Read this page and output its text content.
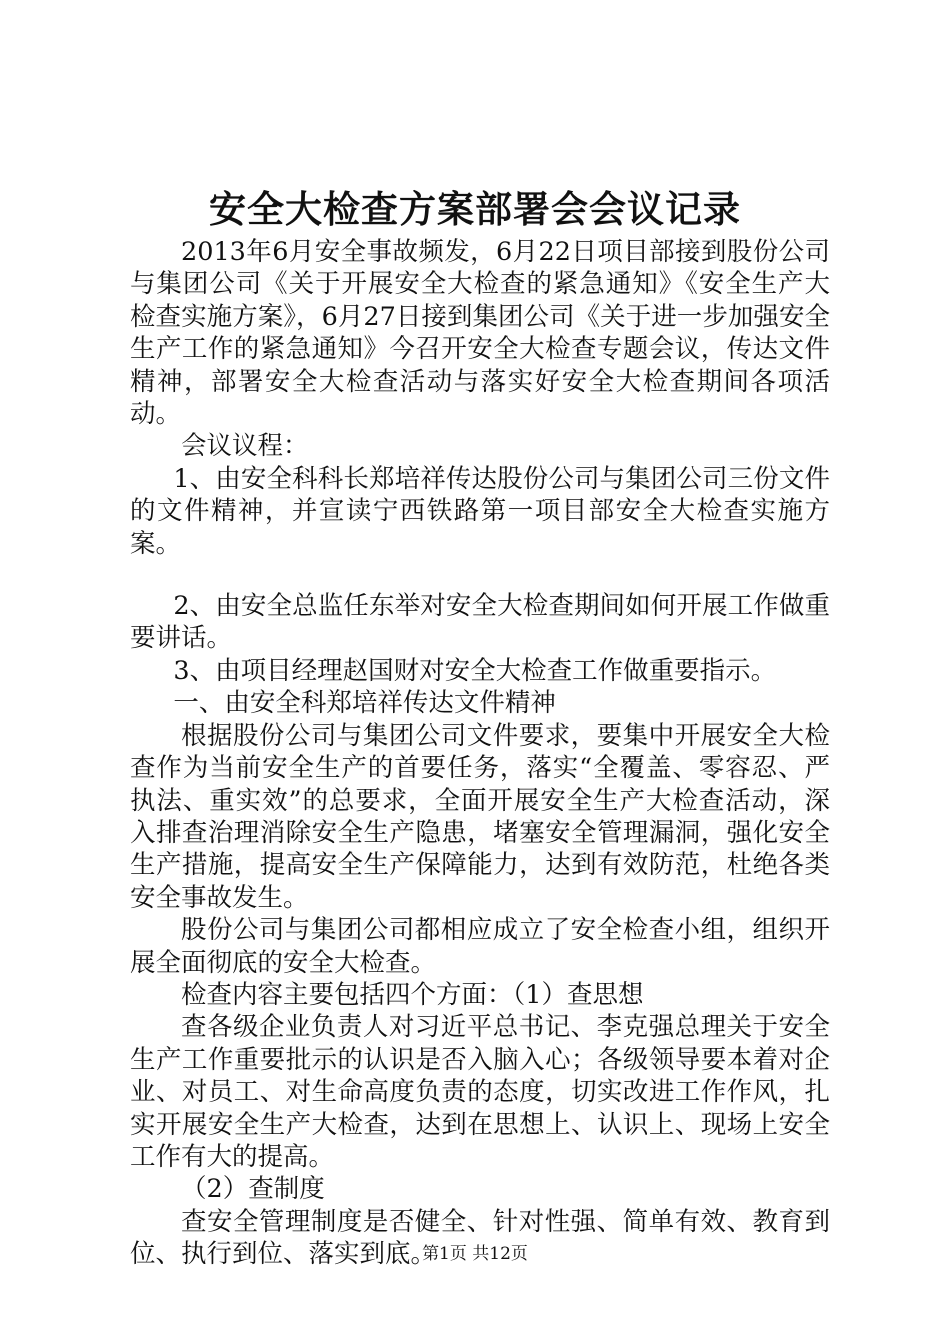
安全大检查方案部署会会议记录

2013年6月安全事故频发，6月22日项目部接到股份公司与集团公司《关于开展安全大检查的紧急通知》《安全生产大检查实施方案》，6月27日接到集团公司《关于进一步加强安全生产工作的紧急通知》今召开安全大检查专题会议，传达文件精神，部署安全大检查活动与落实好安全大检查期间各项活动。

会议议程：

1、由安全科科长郑培祥传达股份公司与集团公司三份文件的文件精神，并宣读宁西铁路第一项目部安全大检查实施方案。

2、由安全总监任东举对安全大检查期间如何开展工作做重要讲话。

3、由项目经理赵国财对安全大检查工作做重要指示。

一、由安全科郑培祥传达文件精神

根据股份公司与集团公司文件要求，要集中开展安全大检查作为当前安全生产的首要任务，落实“全覆盖、零容忍、严执法、重实效”的总要求，全面开展安全生产大检查活动，深入排查治理消除安全生产隐患，堵塞安全管理漏洞，强化安全生产措施，提高安全生产保障能力，达到有效防范，杜绝各类安全事故发生。

股份公司与集团公司都相应成立了安全检查小组，组织开展全面彻底的安全大检查。

检查内容主要包括四个方面：（1）查思想

查各级企业负责人对习近平总书记、李克强总理关于安全生产工作重要批示的认识是否入脑入心；各级领导要本着对企业、对员工、对生命高度负责的态度，切实改进工作作风，扎实开展安全生产大检查，达到在思想上、认识上、现场上安全工作有大的提高。

（2）查制度

查安全管理制度是否健全、针对性强、简单有效、教育到位、执行到位、落实到底。

第1页 共12页
